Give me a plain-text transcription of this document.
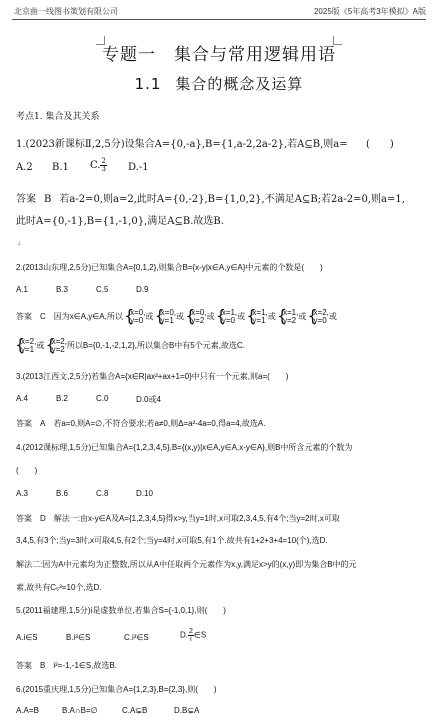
北京曲一线图书策划有限公司	2025版《5年高考3年模拟》A版
专题一　集合与常用逻辑用语
1.1 集合的概念及运算
考点1. 集合及其关系
1.(2023新课标Ⅱ,2,5分)设集合A={0,-a},B={1,a-2,2a-2},若A⊆B,则a= (　　)
A.2 B.1 C. $\frac{2}{3} D.-1$
答案 B 若a-2=0,则a=2,此时A={0,-2},B={1,0,2},不满足A⊆B;若2a-2=0,则a=1,
此时A={0,-1},B={1,-1,0},满足A⊆B.故选B.
↲
2.(2013山东理,2,5分)已知集合A={0,1,2},则集合B={x-y|x∈A,y∈A}中元素的个数是(　　)
A.1	B.3	C.5	D.9
答案 C 因为x∈A,y∈A,所以 { x=0,
y=0 或 { x=0,
y=1 或 { x=0,
y=2 或 { x=1,
y=0 或 { x=1,
y=1 或 { x=1,
y=2 或 { x=2,
y=0 或
{ x=2,
y=1 或 { x=2,
y=2 所以B={0,-1,-2,1,2},所以集合B中有5个元素,故选C.
3.(2013江西文,2,5分)若集合A={x∈R|ax²+ax+1=0}中只有一个元素,则a=(　　)
A.4	B.2	C.0	D.0或4
答案 A 若a=0,则A=∅,不符合要求;若a≠0,则Δ=a²-4a=0,得a=4,故选A.
4.(2012课标理,1,5分)已知集合A={1,2,3,4,5},B={(x,y)|x∈A,y∈A,x-y∈A},则B中所含元素的个数为
(　　)
A.3	B.6	C.8	D.10
答案 D 解法一:由x-y∈A及A={1,2,3,4,5}得x>y,当y=1时,x可取2,3,4,5,有4个;当y=2时,x可取
3,4,5,有3个;当y=3时,x可取4,5,有2个;当y=4时,x可取5,有1个.故共有1+2+3+4=10(个),选D.
解法二:因为A中元素均为正整数,所以从A中任取两个元素作为x,y,满足x>y的(x,y)即为集合B中的元
素,故共有C₅²=10个,选D.
5.(2011福建理,1,5分)i是虚数单位,若集合S={-1,0,1},则(　　)
A.i∈S	B.i²∈S	C.i³∈S	D. $\frac{2}{i}$ ∈S
答案 B i²=-1,-1∈S,故选B.
6.(2015重庆理,1,5分)已知集合A={1,2,3},B={2,3},则(　　)
A.A=B	B.A∩B=∅	C.A⊊B	D.B⊊A
